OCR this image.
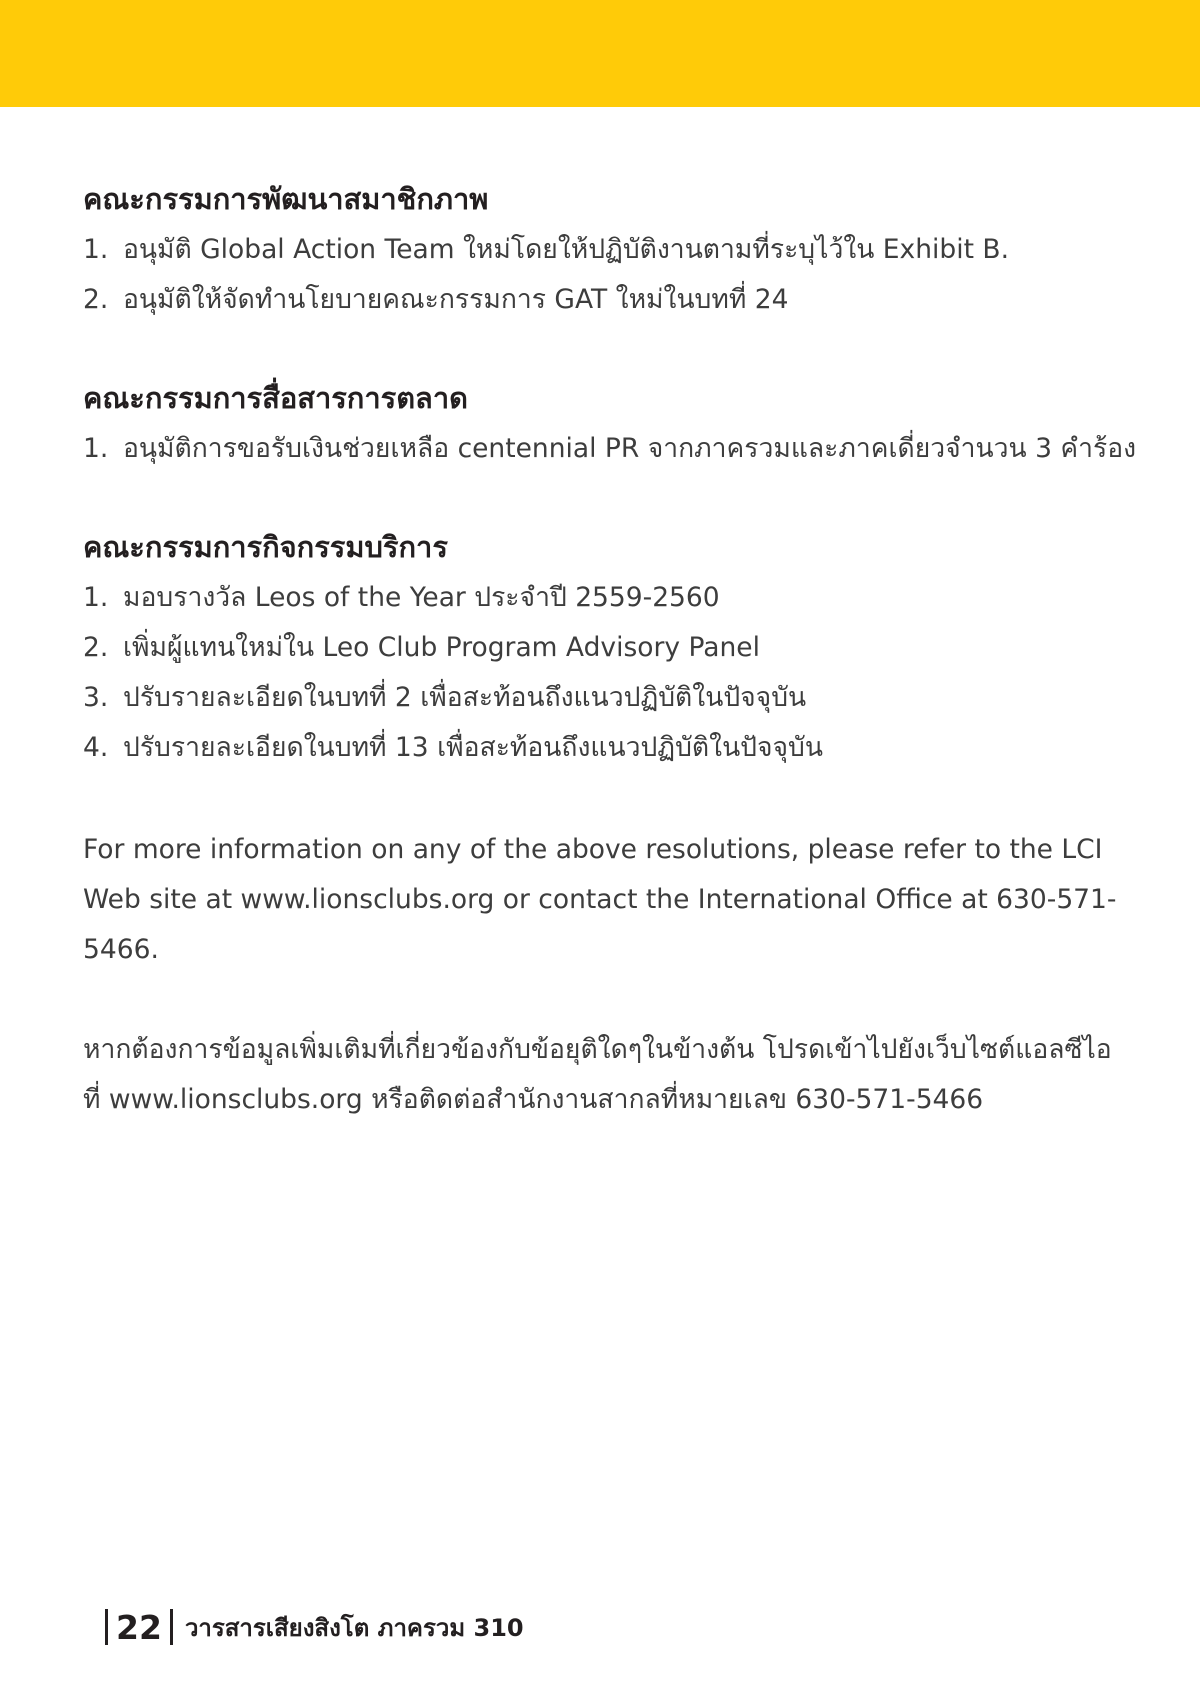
คณะกรรมการพัฒนาสมาชิกภาพ
1. อนุมัติ Global Action Team ใหม่โดยให้ปฏิบัติงานตามที่ระบุไว้ใน Exhibit B.
2. อนุมัติให้จัดทำนโยบายคณะกรรมการ GAT ใหม่ในบทที่ 24
คณะกรรมการสื่อสารการตลาด
1. อนุมัติการขอรับเงินช่วยเหลือ centennial PR จากภาครวมและภาคเดี่ยวจำนวน 3 คำร้อง
คณะกรรมการกิจกรรมบริการ
1. มอบรางวัล Leos of the Year ประจำปี 2559-2560
2. เพิ่มผู้แทนใหม่ใน Leo Club Program Advisory Panel
3. ปรับรายละเอียดในบทที่ 2 เพื่อสะท้อนถึงแนวปฏิบัติในปัจจุบัน
4. ปรับรายละเอียดในบทที่ 13 เพื่อสะท้อนถึงแนวปฏิบัติในปัจจุบัน

For more information on any of the above resolutions, please refer to the LCI Web site at www.lionsclubs.org or contact the International Office at 630-571-5466.

หากต้องการข้อมูลเพิ่มเติมที่เกี่ยวข้องกับข้อยุติใดๆในข้างต้น โปรดเข้าไปยังเว็บไซต์แอลซีไอ ที่ www.lionsclubs.org หรือติดต่อสำนักงานสากลที่หมายเลข 630-571-5466

22 วารสารเสียงสิงโต ภาครวม 310
